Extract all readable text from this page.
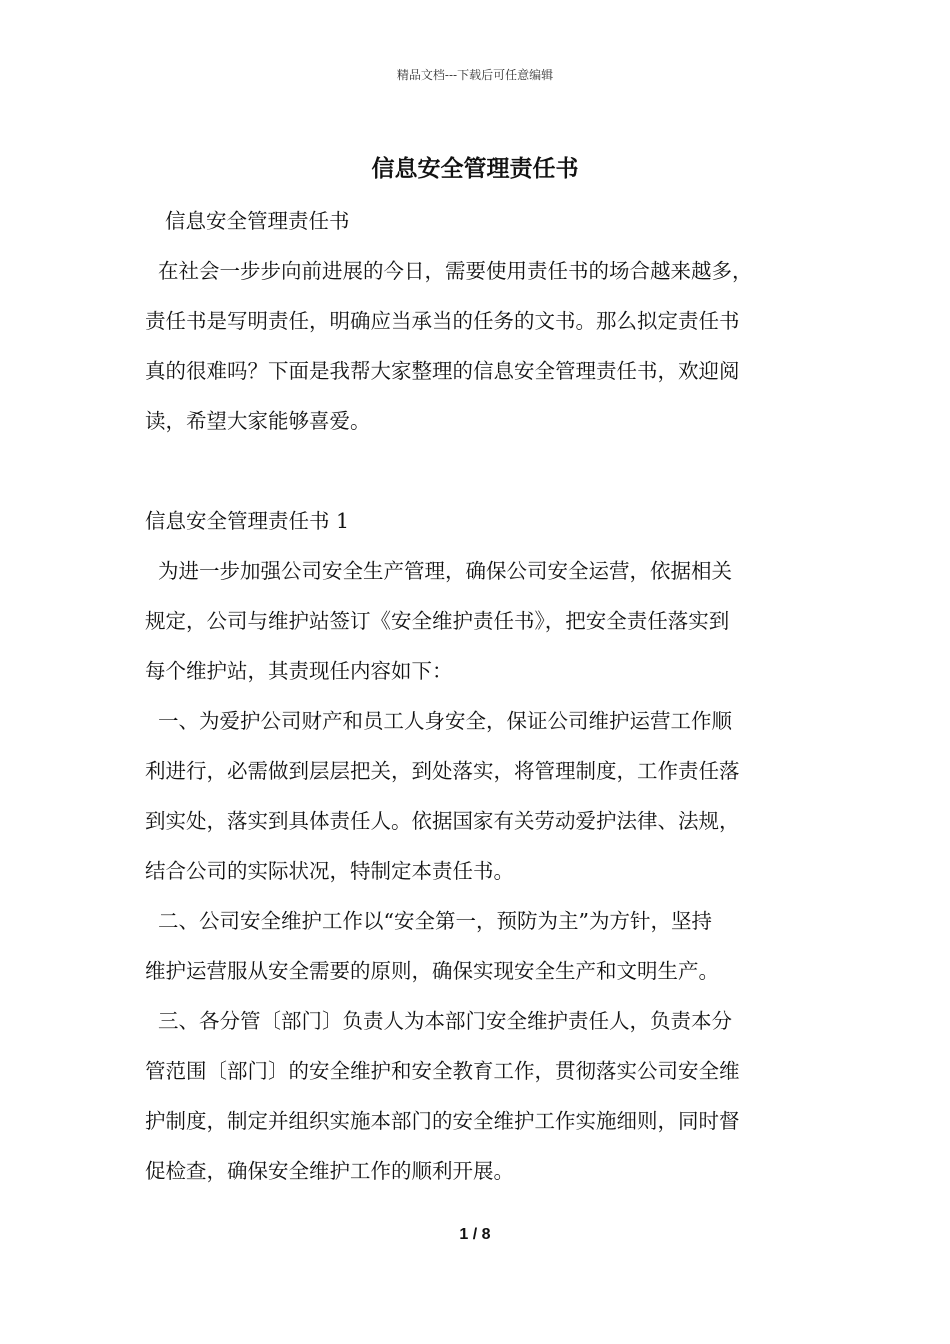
精品文档---下载后可任意编辑
信息安全管理责任书
信息安全管理责任书
在社会一步步向前进展的今日，需要使用责任书的场合越来越多，
责任书是写明责任，明确应当承当的任务的文书。那么拟定责任书
真的很难吗？下面是我帮大家整理的信息安全管理责任书，欢迎阅
读，希望大家能够喜爱。
信息安全管理责任书 1
为进一步加强公司安全生产管理，确保公司安全运营，依据相关
规定，公司与维护站签订《安全维护责任书》，把安全责任落实到
每个维护站，其责现任内容如下：
一、为爱护公司财产和员工人身安全，保证公司维护运营工作顺
利进行，必需做到层层把关，到处落实，将管理制度，工作责任落
到实处，落实到具体责任人。依据国家有关劳动爱护法律、法规，
结合公司的实际状况，特制定本责任书。
二、公司安全维护工作以“安全第一，预防为主”为方针，坚持
维护运营服从安全需要的原则，确保实现安全生产和文明生产。
三、各分管〔部门〕负责人为本部门安全维护责任人，负责本分
管范围〔部门〕的安全维护和安全教育工作，贯彻落实公司安全维
护制度，制定并组织实施本部门的安全维护工作实施细则，同时督
促检查，确保安全维护工作的顺利开展。
1 / 8
